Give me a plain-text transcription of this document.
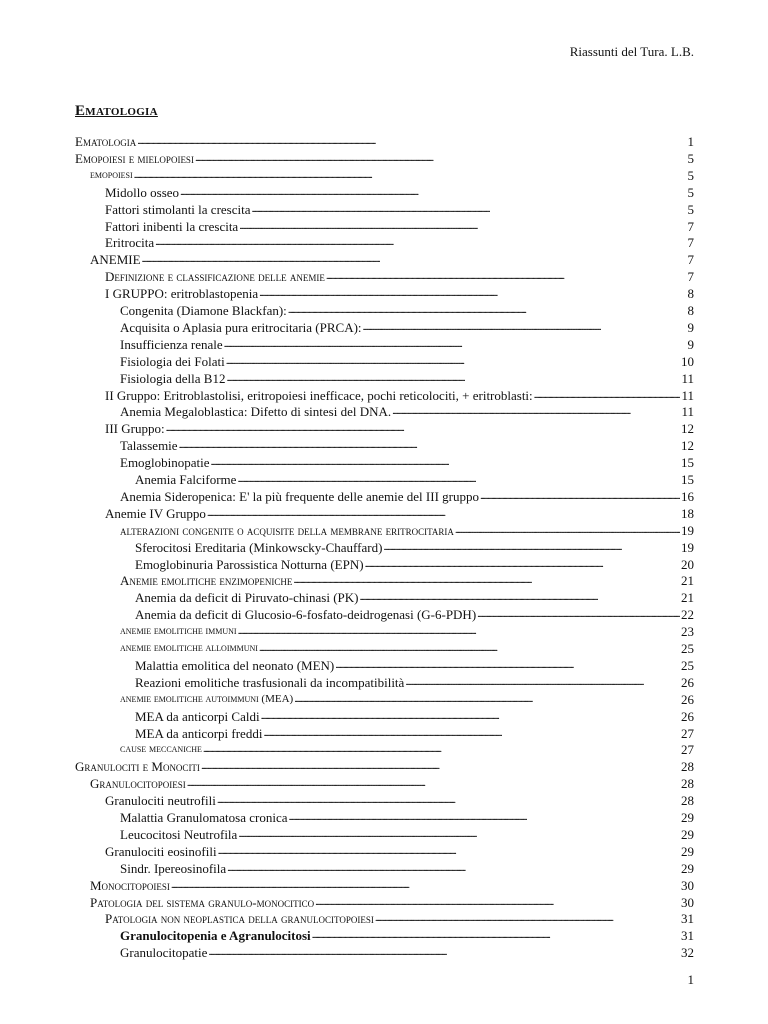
Riassunti del Tura. L.B.
Ematologia
Ematologia . . .	1
Emopoiesi e mielopoiesi . . .	5
emopoiesi . . .	5
Midollo osseo . . .	5
Fattori stimolanti la crescita . . .	5
Fattori inibenti la crescita . . .	7
Eritrocita . . .	7
ANEMIE . . .	7
Definizione e classificazione delle anemie . . .	7
I GRUPPO: eritroblastopenia . . .	8
Congenita (Diamone Blackfan): . . .	8
Acquisita o Aplasia pura eritrocitaria (PRCA): . . .	9
Insufficienza renale . . .	9
Fisiologia dei Folati . . .	10
Fisiologia della B12 . . .	11
II Gruppo: Eritroblastolisi, eritropoiesi inefficace, pochi reticolociti, + eritroblasti: . . .	11
Anemia Megaloblastica: Difetto di sintesi del DNA. . . .	11
III Gruppo: . . .	12
Talassemie . . .	12
Emoglobinopatie . . .	15
Anemia Falciforme . . .	15
Anemia Sideropenica: E' la più frequente delle anemie del III gruppo . . .	16
Anemie IV Gruppo . . .	18
alterazioni congenite o acquisite della membrane eritrocitaria . . .	19
Sferocitosi Ereditaria (Minkowscky-Chauffard) . . .	19
Emoglobinuria Parossistica Notturna (EPN) . . .	20
Anemie emolitiche enzimopeniche . . .	21
Anemia da deficit di Piruvato-chinasi (PK) . . .	21
Anemia da deficit di Glucosio-6-fosfato-deidrogenasi (G-6-PDH) . . .	22
anemie emolitiche immuni . . .	23
anemie emolitiche alloimmuni . . .	25
Malattia emolitica del neonato (MEN) . . .	25
Reazioni emolitiche trasfusionali da incompatibilità . . .	26
anemie emolitiche autoimmuni (MEA) . . .	26
MEA da anticorpi Caldi . . .	26
MEA da anticorpi freddi . . .	27
cause meccaniche . . .	27
Granulociti e Monociti . . .	28
Granulocitopoiesi . . .	28
Granulociti neutrofili . . .	28
Malattia Granulomatosa cronica . . .	29
Leucocitosi Neutrofila . . .	29
Granulociti eosinofili . . .	29
Sindr. Ipereosinofila . . .	29
Monocitopoiesi . . .	30
Patologia del sistema granulo-monocitico . . .	30
Patologia non neoplastica della granulocitopoiesi . . .	31
Granulocitopenia e Agranulocitosi . . .	31
Granulocitopatie . . .	32
1
